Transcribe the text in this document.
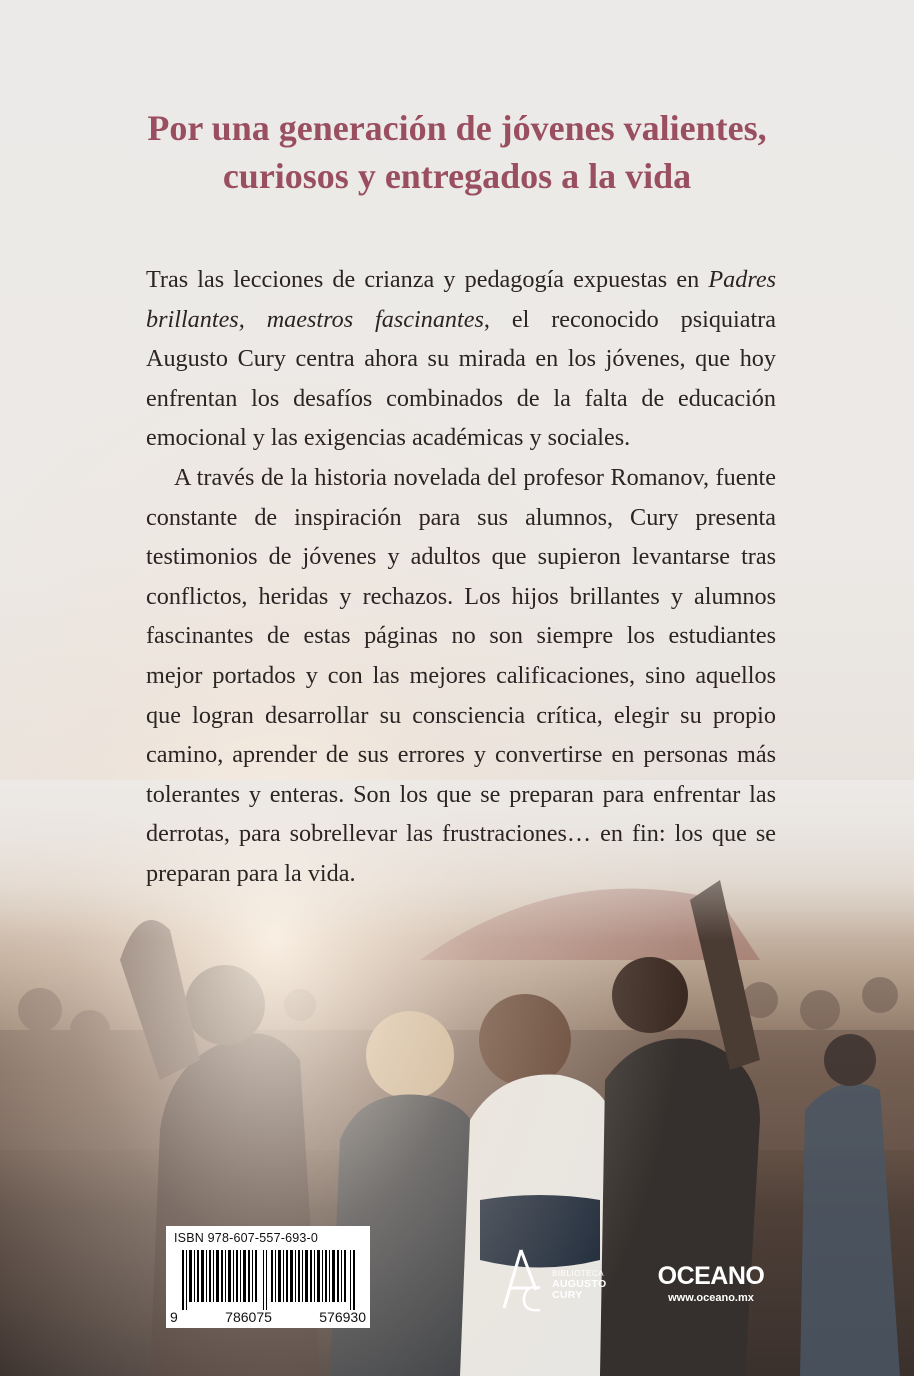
Por una generación de jóvenes valientes,
curiosos y entregados a la vida

Tras las lecciones de crianza y pedagogía expuestas en Padres brillantes, maestros fascinantes, el reconocido psiquiatra Augusto Cury centra ahora su mirada en los jóvenes, que hoy enfrentan los desafíos combinados de la falta de educación emocional y las exigencias académicas y sociales.

A través de la historia novelada del profesor Romanov, fuente constante de inspiración para sus alumnos, Cury presenta testimonios de jóvenes y adultos que supieron levantarse tras conflictos, heridas y rechazos. Los hijos brillantes y alumnos fascinantes de estas páginas no son siempre los estudiantes mejor portados y con las mejores calificaciones, sino aquellos que logran desarrollar su consciencia crítica, elegir su propio camino, aprender de sus errores y convertirse en personas más tolerantes y enteras. Son los que se preparan para enfrentar las derrotas, para sobrellevar las frustraciones… en fin: los que se preparan para la vida.

ISBN 978-607-557-693-0
9	786075	576930
BIBLIOTECA
AUGUSTO
CURY
OCEANO
www.oceano.mx
